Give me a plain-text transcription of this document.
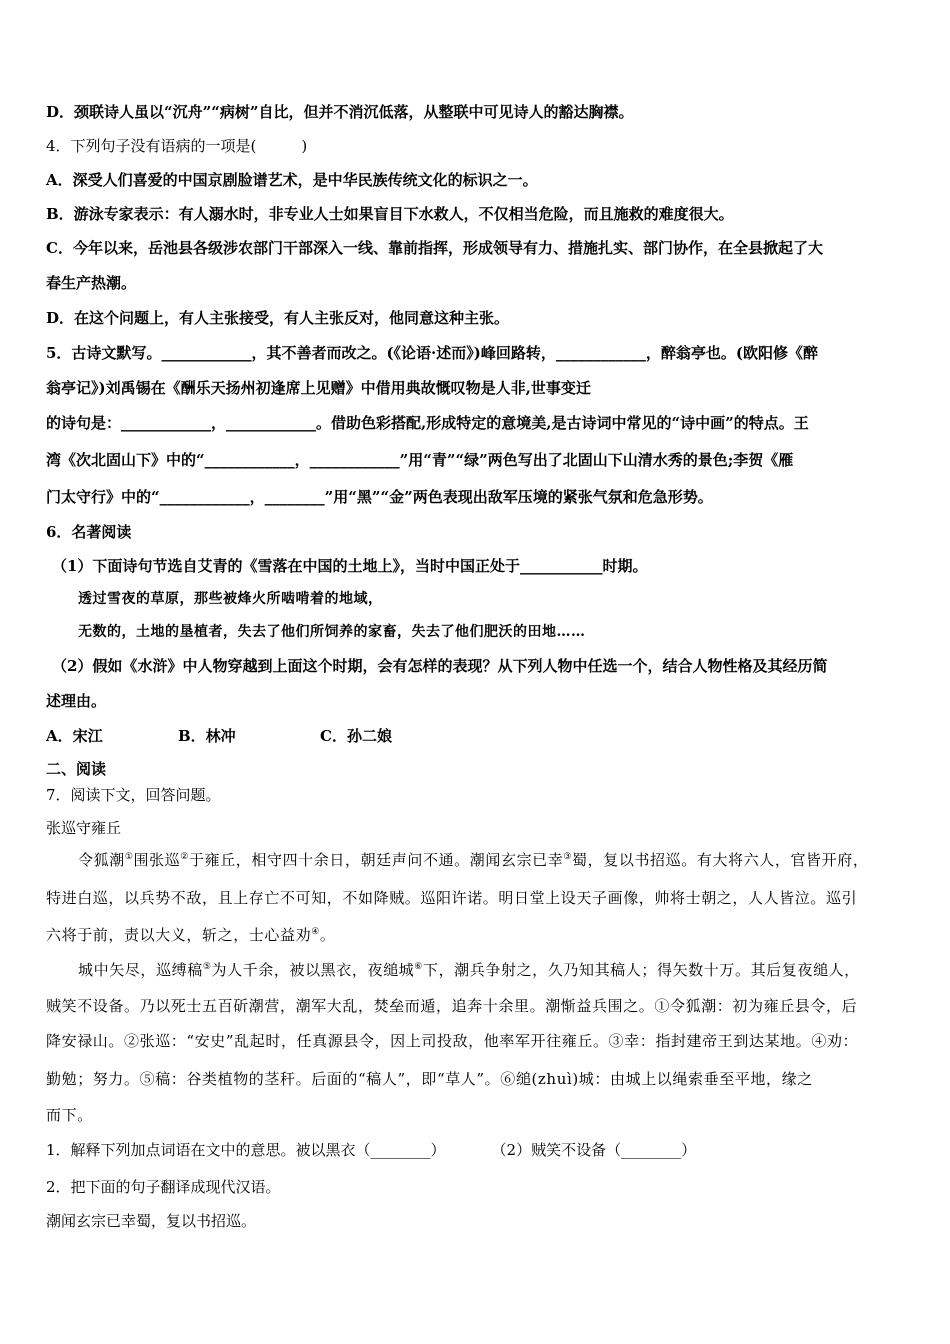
D．颈联诗人虽以“沉舟”“病树”自比，但并不消沉低落，从整联中可见诗人的豁达胸襟。
4．下列句子没有语病的一项是(　　　)
A．深受人们喜爱的中国京剧脸谱艺术，是中华民族传统文化的标识之一。
B．游泳专家表示：有人溺水时，非专业人士如果盲目下水救人，不仅相当危险，而且施救的难度很大。
C．今年以来，岳池县各级涉农部门干部深入一线、靠前指挥，形成领导有力、措施扎实、部门协作，在全县掀起了大
春生产热潮。
D．在这个问题上，有人主张接受，有人主张反对，他同意这种主张。
5．古诗文默写。____________，其不善者而改之。(《论语·述而》)峰回路转，____________，醉翁亭也。(欧阳修《醉
翁亭记》)刘禹锡在《酬乐天扬州初逢席上见赠》中借用典故慨叹物是人非,世事变迁
的诗句是：____________，____________。借助色彩搭配,形成特定的意境美,是古诗词中常见的“诗中画”的特点。王
湾《次北固山下》中的“____________，____________”用“青”“绿”两色写出了北固山下山清水秀的景色;李贺《雁
门太守行》中的“____________，________”用“黑”“金”两色表现出敌军压境的紧张气氛和危急形势。
6．名著阅读
（1）下面诗句节选自艾青的《雪落在中国的土地上》，当时中国正处于___________时期。
透过雪夜的草原，那些被烽火所啮啃着的地域，
无数的，土地的垦植者，失去了他们所饲养的家畜，失去了他们肥沃的田地……
（2）假如《水浒》中人物穿越到上面这个时期，会有怎样的表现？从下列人物中任选一个，结合人物性格及其经历简
述理由。
A．宋江	B．林冲	C．孙二娘
二、阅读
7．阅读下文，回答问题。
张巡守雍丘
令狐潮①围张巡②于雍丘，相守四十余日，朝廷声问不通。潮闻玄宗已幸③蜀，复以书招巡。有大将六人，官皆开府，
特进白巡，以兵势不敌，且上存亡不可知，不如降贼。巡阳许诺。明日堂上设天子画像，帅将士朝之，人人皆泣。巡引
六将于前，责以大义，斩之，士心益劝④。
城中矢尽，巡缚稿⑤为人千余，被以黑衣，夜缒城⑥下，潮兵争射之，久乃知其稿人；得矢数十万。其后复夜缒人，
贼笑不设备。乃以死士五百斫潮营，潮军大乱，焚垒而遁，追奔十余里。潮惭益兵围之。①令狐潮：初为雍丘县令，后
降安禄山。②张巡：“安史”乱起时，任真源县令，因上司投敌，他率军开往雍丘。③幸：指封建帝王到达某地。④劝：
勤勉；努力。⑤稿：谷类植物的茎秆。后面的“稿人”，即“草人”。⑥缒(zhuì)城：由城上以绳索垂至平地，缘之
而下。
1．解释下列加点词语在文中的意思。被以黑衣（________）	（2）贼笑不设备（________）
2．把下面的句子翻译成现代汉语。
潮闻玄宗已幸蜀，复以书招巡。
